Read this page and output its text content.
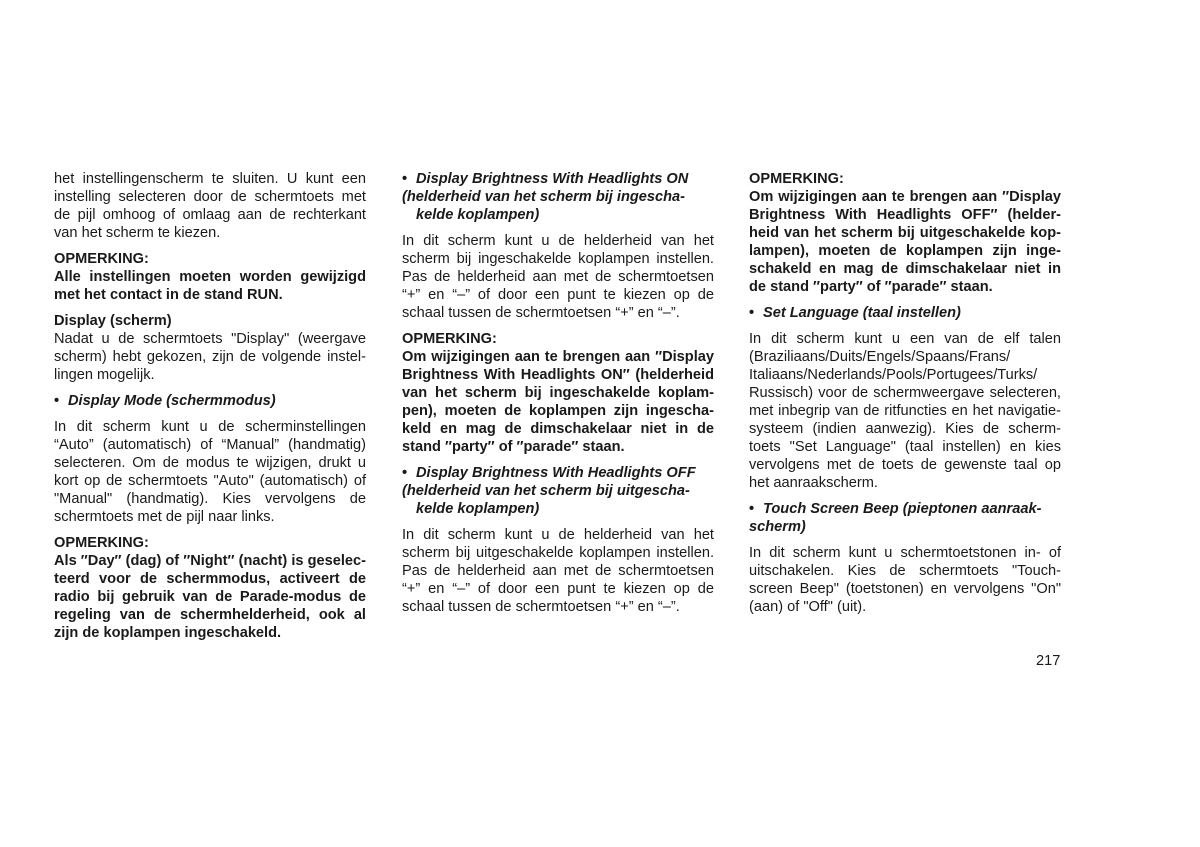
het instellingenscherm te sluiten. U kunt een
instelling selecteren door de schermtoets met
de pijl omhoog of omlaag aan de rechterkant
van het scherm te kiezen.
OPMERKING:
Alle instellingen moeten worden gewijzigd
met het contact in de stand RUN.
Display (scherm)
Nadat u de schermtoets "Display" (weergave
scherm) hebt gekozen, zijn de volgende instel-
lingen mogelijk.
• Display Mode (schermmodus)
In dit scherm kunt u de scherminstellingen
“Auto” (automatisch) of “Manual” (handmatig)
selecteren. Om de modus te wijzigen, drukt u
kort op de schermtoets "Auto" (automatisch) of
"Manual" (handmatig). Kies vervolgens de
schermtoets met de pijl naar links.
OPMERKING:
Als ″Day″ (dag) of ″Night″ (nacht) is geselec-
teerd voor de schermmodus, activeert de
radio bij gebruik van de Parade-modus de
regeling van de schermhelderheid, ook al
zijn de koplampen ingeschakeld.
• Display Brightness With Headlights ON
(helderheid van het scherm bij ingescha-
kelde koplampen)
In dit scherm kunt u de helderheid van het
scherm bij ingeschakelde koplampen instellen.
Pas de helderheid aan met de schermtoetsen
“+” en “–” of door een punt te kiezen op de
schaal tussen de schermtoetsen “+” en “–”.
OPMERKING:
Om wijzigingen aan te brengen aan ″Display
Brightness With Headlights ON″ (helderheid
van het scherm bij ingeschakelde koplam-
pen), moeten de koplampen zijn ingescha-
keld en mag de dimschakelaar niet in de
stand ″party″ of ″parade″ staan.
• Display Brightness With Headlights OFF
(helderheid van het scherm bij uitgescha-
kelde koplampen)
In dit scherm kunt u de helderheid van het
scherm bij uitgeschakelde koplampen instellen.
Pas de helderheid aan met de schermtoetsen
“+” en “–” of door een punt te kiezen op de
schaal tussen de schermtoetsen “+” en “–”.
OPMERKING:
Om wijzigingen aan te brengen aan ″Display
Brightness With Headlights OFF″ (helder-
heid van het scherm bij uitgeschakelde kop-
lampen), moeten de koplampen zijn inge-
schakeld en mag de dimschakelaar niet in
de stand ″party″ of ″parade″ staan.
• Set Language (taal instellen)
In dit scherm kunt u een van de elf talen
(Braziliaans/Duits/Engels/Spaans/Frans/
Italiaans/Nederlands/Pools/Portugees/Turks/
Russisch) voor de schermweergave selecteren,
met inbegrip van de ritfuncties en het navigatie-
systeem (indien aanwezig). Kies de scherm-
toets "Set Language" (taal instellen) en kies
vervolgens met de toets de gewenste taal op
het aanraakscherm.
• Touch Screen Beep (pieptonen aanraak-
scherm)
In dit scherm kunt u schermtoetstonen in- of
uitschakelen. Kies de schermtoets "Touch-
screen Beep" (toetstonen) en vervolgens "On"
(aan) of "Off" (uit).
217
